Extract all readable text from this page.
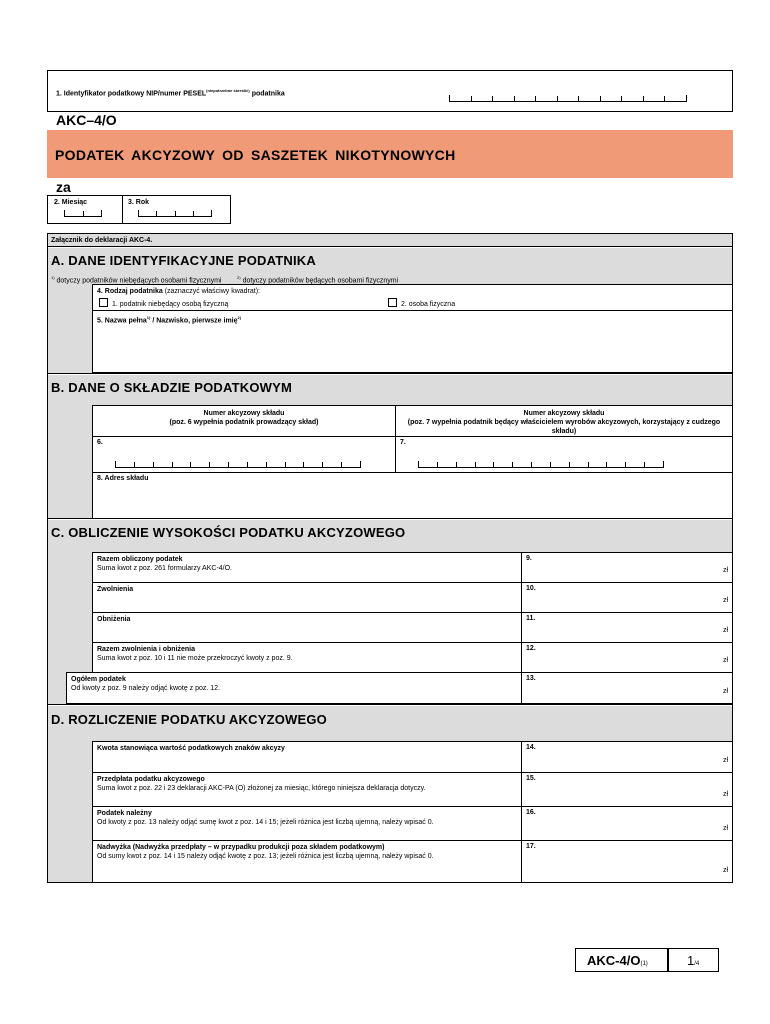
1. Identyfikator podatkowy NIP/numer $PESEL^{(niepotrzebne skreślić)}$ podatnika
AKC–4/O
PODATEK AKCYZOWY OD SASZETEK NIKOTYNOWYCH
za
2. Miesiąc	3. Rok
Załącznik do deklaracji AKC-4.
A. DANE IDENTYFIKACYJNE PODATNIKA
$^{1)}$ dotyczy podatników niebędących osobami fizycznymi	$^{2)}$ dotyczy podatników będących osobami fizycznymi
4. Rodzaj podatnika (zaznaczyć właściwy kwadrat):
1. podatnik niebędący osobą fizyczną	2. osoba fizyczna
5. Nazwa pełna$^{1)}$ / Nazwisko, pierwsze imię$^{2)}$
B. DANE O SKŁADZIE PODATKOWYM
Numer akcyzowy składu
(poz. 6 wypełnia podatnik prowadzący skład)
Numer akcyzowy składu
(poz. 7 wypełnia podatnik będący właścicielem wyrobów akcyzowych, korzystający z cudzego składu)
6.	7.
8. Adres składu
C. OBLICZENIE WYSOKOŚCI PODATKU AKCYZOWEGO
Razem obliczony podatek
Suma kwot z poz. 261 formularzy AKC-4/O.
9.
zł
Zwolnienia	10.
zł
Obniżenia	11.
zł
Razem zwolnienia i obniżenia
Suma kwot z poz. 10 i 11 nie może przekroczyć kwoty z poz. 9.
12.
zł
Ogółem podatek
Od kwoty z poz. 9 należy odjąć kwotę z poz. 12.
13.
zł
D. ROZLICZENIE PODATKU AKCYZOWEGO
Kwota stanowiąca wartość podatkowych znaków akcyzy	14.
zł
Przedpłata podatku akcyzowego
Suma kwot z poz. 22 i 23 deklaracji AKC-PA (O) złożonej za miesiąc, którego niniejsza deklaracja dotyczy.
15.
zł
Podatek należny
Od kwoty z poz. 13 należy odjąć sumę kwot z poz. 14 i 15; jeżeli różnica jest liczbą ujemną, należy wpisać 0.
16.
zł
Nadwyżka (Nadwyżka przedpłaty – w przypadku produkcji poza składem podatkowym)
Od sumy kwot z poz. 14 i 15 należy odjąć kwotę z poz. 13; jeżeli różnica jest liczbą ujemną, należy wpisać 0.
17.
zł
AKC-4/O(1)	1/4
